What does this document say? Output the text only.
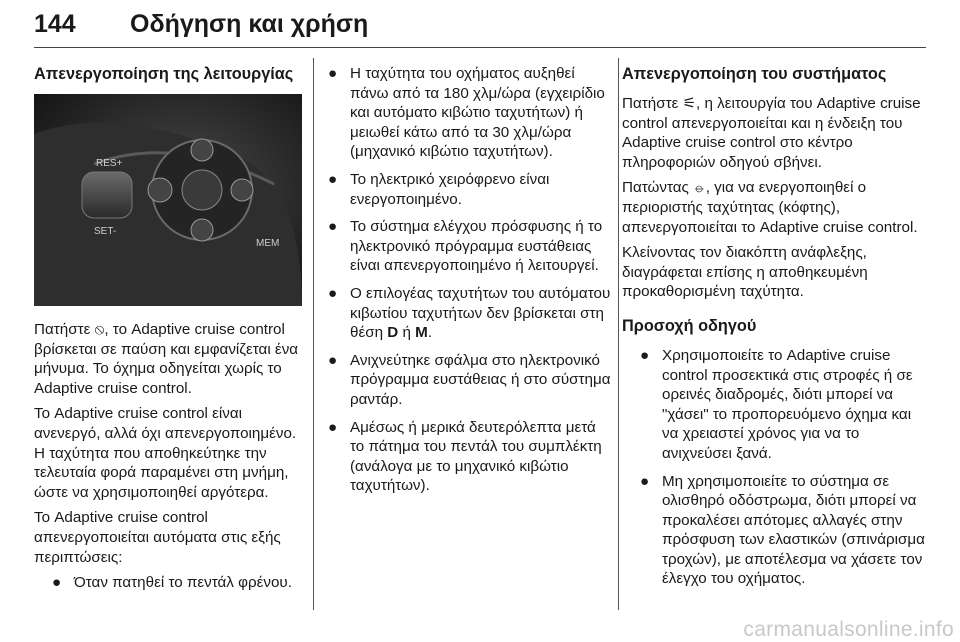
144 Οδήγηση και χρήση
Απενεργοποίηση της λειτουργίας
RES+
SET-
MEM

Πατήστε ⦸, το Adaptive cruise control βρίσκεται σε παύση και εμφανίζεται ένα μήνυμα. Το όχημα οδηγείται χωρίς το Adaptive cruise control.

Το Adaptive cruise control είναι ανενεργό, αλλά όχι απενεργοποιημένο. Η ταχύτητα που αποθηκεύτηκε την τελευταία φορά παραμένει στη μνήμη, ώστε να χρησιμοποιηθεί αργότερα.

Το Adaptive cruise control απενεργοποιείται αυτόματα στις εξής περιπτώσεις:

● Όταν πατηθεί το πεντάλ φρένου.
● Η ταχύτητα του οχήματος αυξηθεί πάνω από τα 180 χλμ/ώρα (εγχειρίδιο και αυτόματο κιβώτιο ταχυτήτων) ή μειωθεί κάτω από τα 30 χλμ/ώρα (μηχανικό κιβώτιο ταχυτήτων).
● Το ηλεκτρικό χειρόφρενο είναι ενεργοποιημένο.
● Το σύστημα ελέγχου πρόσφυσης ή το ηλεκτρονικό πρόγραμμα ευστάθειας είναι απενεργοποιημένο ή λειτουργεί.
● Ο επιλογέας ταχυτήτων του αυτόματου κιβωτίου ταχυτήτων δεν βρίσκεται στη θέση D ή M.
● Ανιχνεύτηκε σφάλμα στο ηλεκτρονικό πρόγραμμα ευστάθειας ή στο σύστημα ραντάρ.
● Αμέσως ή μερικά δευτερόλεπτα μετά το πάτημα του πεντάλ του συμπλέκτη (ανάλογα με το μηχανικό κιβώτιο ταχυτήτων).
Απενεργοποίηση του συστήματος

Πατήστε ⚟, η λειτουργία του Adaptive cruise control απενεργοποιείται και η ένδειξη του Adaptive cruise control στο κέντρο πληροφοριών οδηγού σβήνει.

Πατώντας ⦵, για να ενεργοποιηθεί ο περιοριστής ταχύτητας (κόφτης), απενεργοποιείται το Adaptive cruise control.

Κλείνοντας τον διακόπτη ανάφλεξης, διαγράφεται επίσης η αποθηκευμένη προκαθορισμένη ταχύτητα.

Προσοχή οδηγού
● Χρησιμοποιείτε το Adaptive cruise control προσεκτικά στις στροφές ή σε ορεινές διαδρομές, διότι μπορεί να "χάσει" το προπορευόμενο όχημα και να χρειαστεί χρόνος για να το ανιχνεύσει ξανά.
● Μη χρησιμοποιείτε το σύστημα σε ολισθηρό οδόστρωμα, διότι μπορεί να προκαλέσει απότομες αλλαγές στην πρόσφυση των ελαστικών (σπινάρισμα τροχών), με αποτέλεσμα να χάσετε τον έλεγχο του οχήματος.
carmanualsonline.info
